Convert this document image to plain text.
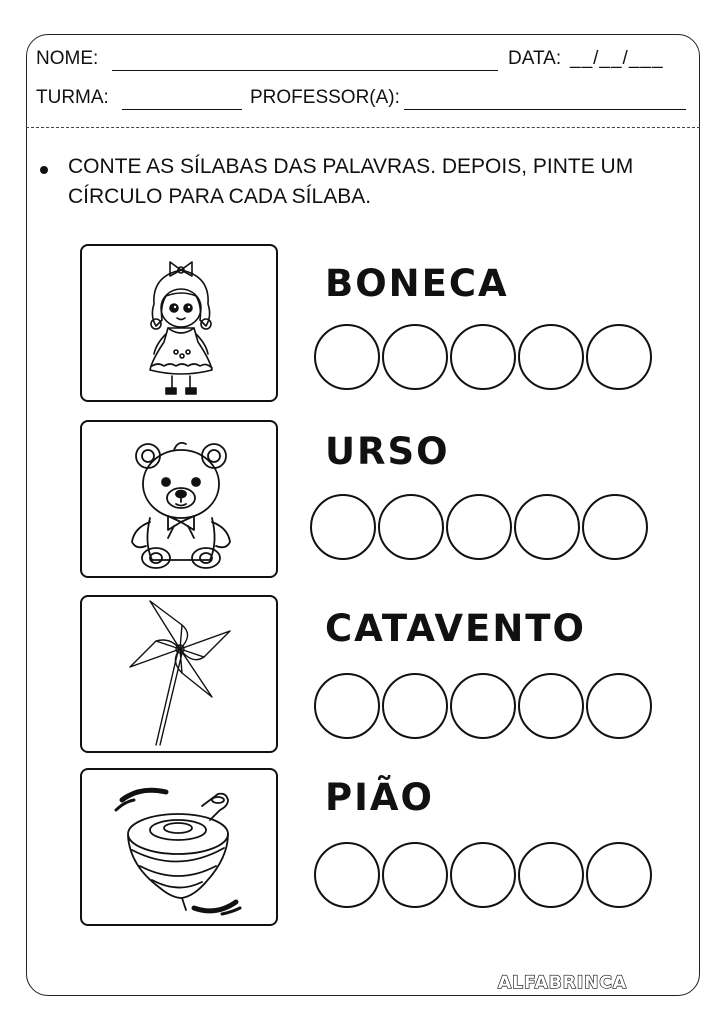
NOME:	DATA: __/__/___
TURMA:	PROFESSOR(A):
CONTE AS SÍLABAS DAS PALAVRAS. DEPOIS, PINTE UM CÍRCULO PARA CADA SÍLABA.
BONECA
URSO
CATAVENTO
PIÃO
ALFABRINCA
